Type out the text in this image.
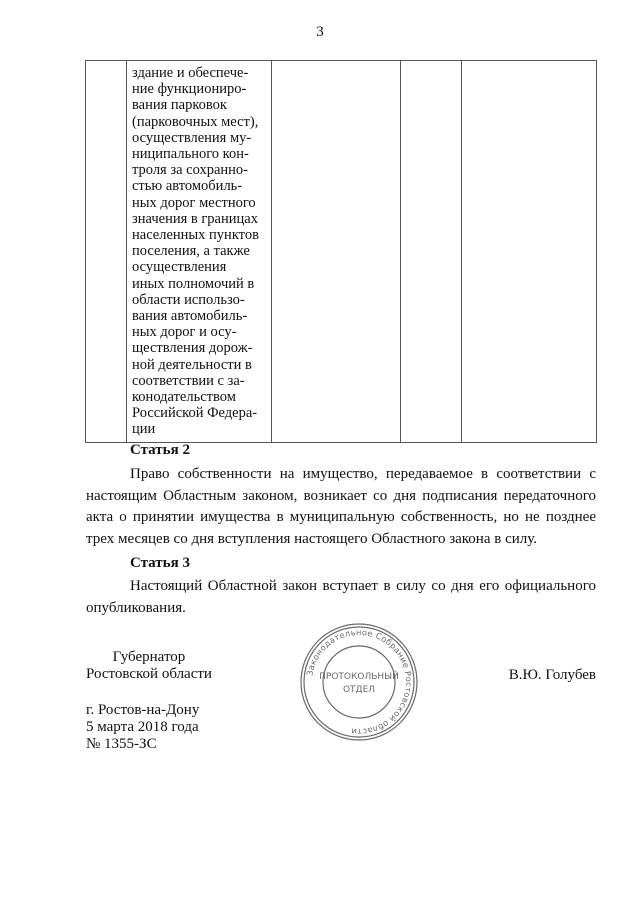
3

здание и обеспече-
ние функциониро-
вания парковок
(парковочных мест),
осуществления му-
ниципального кон-
троля за сохранно-
стью автомобиль-
ных дорог местного
значения в границах
населенных пунктов
поселения, а также
осуществления
иных полномочий в
области использо-
вания автомобиль-
ных дорог и осу-
ществления дорож-
ной деятельности в
соответствии с за-
конодательством
Российской Федера-
ции

Статья 2
Право собственности на имущество, передаваемое в соответствии с
настоящим Областным законом, возникает со дня подписания передаточного
акта о принятии имущества в муниципальную собственность, но не позднее
трех месяцев со дня вступления настоящего Областного закона в силу.
Статья 3
Настоящий Областной закон вступает в силу со дня его официального
опубликования.
Губернатор
Ростовской области	В.Ю. Голубев
Законодательное Собрание Ростовской области
ПРОТОКОЛЬНЫЙ
ОТДЕЛ
г. Ростов-на-Дону
5 марта 2018 года
№ 1355-ЗС
